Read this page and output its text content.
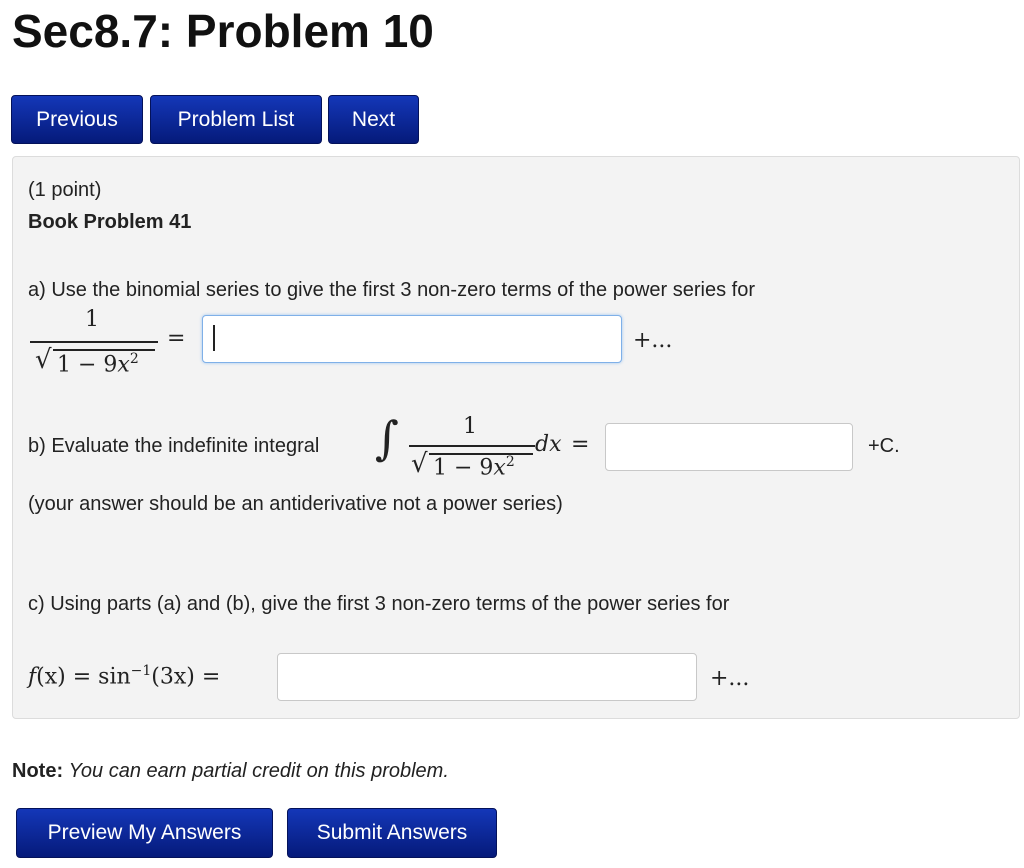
Sec8.7: Problem 10
Previous	Problem List	Next
(1 point)
Book Problem 41
a) Use the binomial series to give the first 3 non-zero terms of the power series for
1
√ $1 - 9x^2$
=	+...
b) Evaluate the indefinite integral ∫	1
√ $1 - 9x^2$
dx =	+C.
(your answer should be an antiderivative not a power series)
c) Using parts (a) and (b), give the first 3 non-zero terms of the power series for
$f(x) = \sin^{-1}(3x)$ =	+...
Note: You can earn partial credit on this problem.
Preview My Answers	Submit Answers
